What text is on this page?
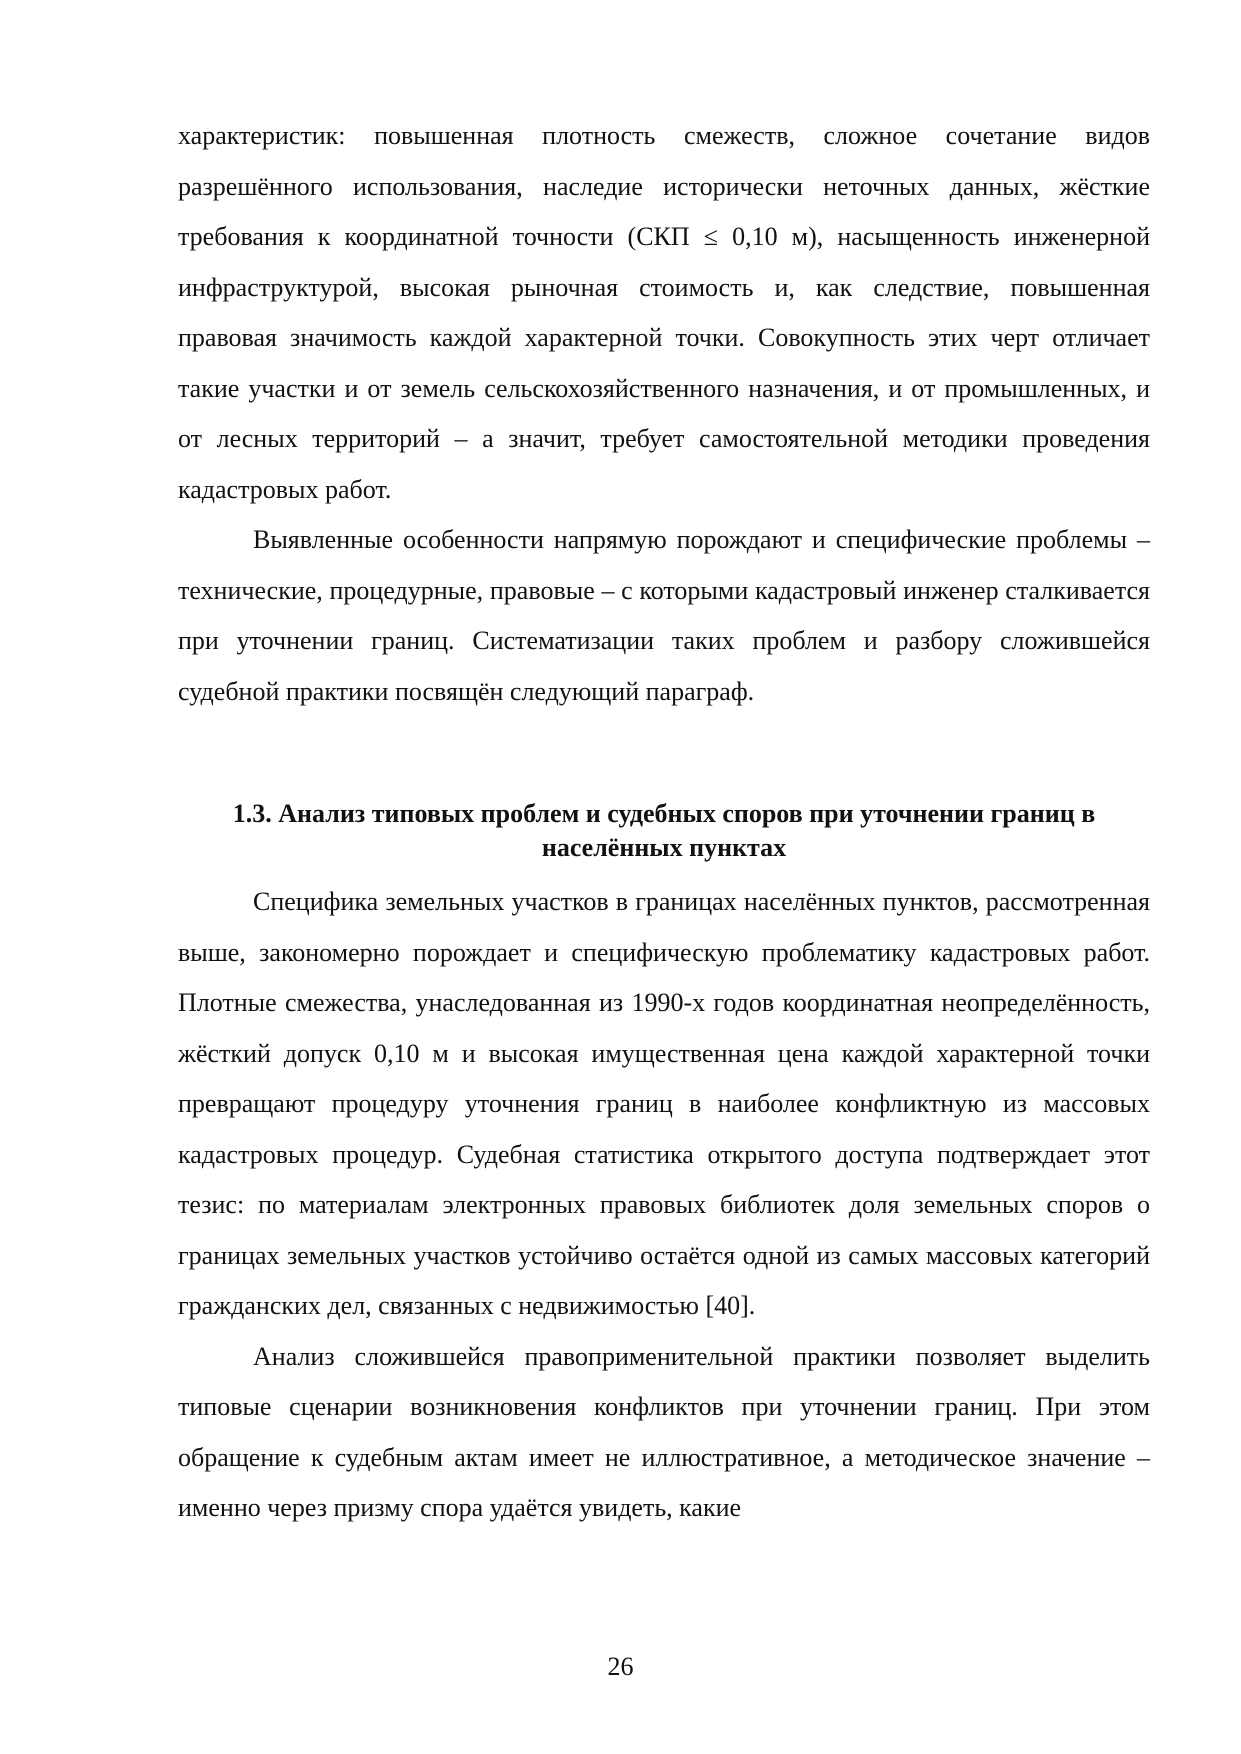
характеристик: повышенная плотность смежеств, сложное сочетание видов разрешённого использования, наследие исторически неточных данных, жёсткие требования к координатной точности (СКП ≤ 0,10 м), насыщенность инженерной инфраструктурой, высокая рыночная стоимость и, как следствие, повышенная правовая значимость каждой характерной точки. Совокупность этих черт отличает такие участки и от земель сельскохозяйственного назначения, и от промышленных, и от лесных территорий – а значит, требует самостоятельной методики проведения кадастровых работ.

Выявленные особенности напрямую порождают и специфические проблемы – технические, процедурные, правовые – с которыми кадастровый инженер сталкивается при уточнении границ. Систематизации таких проблем и разбору сложившейся судебной практики посвящён следующий параграф.

1.3. Анализ типовых проблем и судебных споров при уточнении границ в населённых пунктах

Специфика земельных участков в границах населённых пунктов, рассмотренная выше, закономерно порождает и специфическую проблематику кадастровых работ. Плотные смежества, унаследованная из 1990-х годов координатная неопределённость, жёсткий допуск 0,10 м и высокая имущественная цена каждой характерной точки превращают процедуру уточнения границ в наиболее конфликтную из массовых кадастровых процедур. Судебная статистика открытого доступа подтверждает этот тезис: по материалам электронных правовых библиотек доля земельных споров о границах земельных участков устойчиво остаётся одной из самых массовых категорий гражданских дел, связанных с недвижимостью [40].

Анализ сложившейся правоприменительной практики позволяет выделить типовые сценарии возникновения конфликтов при уточнении границ. При этом обращение к судебным актам имеет не иллюстративное, а методическое значение – именно через призму спора удаётся увидеть, какие

26
